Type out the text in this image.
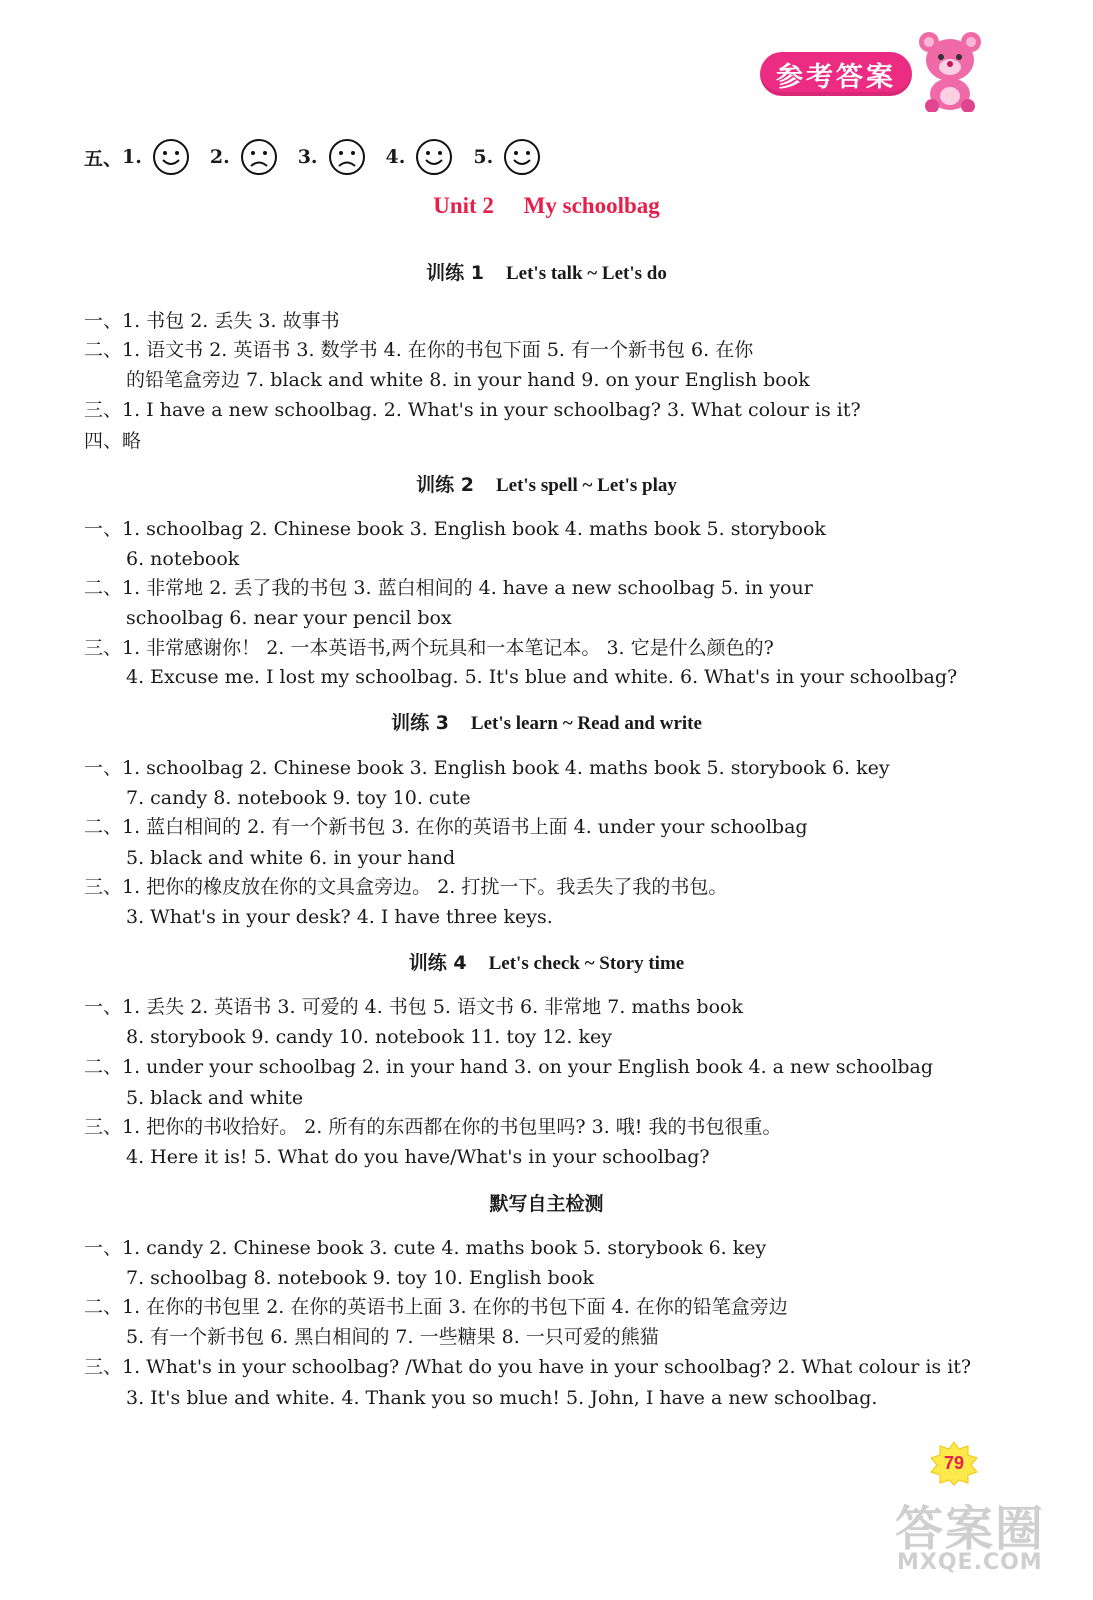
参考答案
五、 1.	2.	3.	4.	5.
Unit 2 My schoolbag
训练 1 Let's talk ~ Let's do
训练 2 Let's spell ~ Let's play
训练 3 Let's learn ~ Read and write
训练 4 Let's check ~ Story time
默写自主检测
一、1. 书包 2. 丢失 3. 故事书
二、1. 语文书 2. 英语书 3. 数学书 4. 在你的书包下面 5. 有一个新书包 6. 在你
的铅笔盒旁边 7. black and white 8. in your hand 9. on your English book
三、1. I have a new schoolbag. 2. What's in your schoolbag? 3. What colour is it?
四、略
一、1. schoolbag 2. Chinese book 3. English book 4. maths book 5. storybook
6. notebook
二、1. 非常地 2. 丢了我的书包 3. 蓝白相间的 4. have a new schoolbag 5. in your
schoolbag 6. near your pencil box
三、1. 非常感谢你！ 2. 一本英语书,两个玩具和一本笔记本。 3. 它是什么颜色的?
4. Excuse me. I lost my schoolbag. 5. It's blue and white. 6. What's in your schoolbag?
一、1. schoolbag 2. Chinese book 3. English book 4. maths book 5. storybook 6. key
7. candy 8. notebook 9. toy 10. cute
二、1. 蓝白相间的 2. 有一个新书包 3. 在你的英语书上面 4. under your schoolbag
5. black and white 6. in your hand
三、1. 把你的橡皮放在你的文具盒旁边。 2. 打扰一下。我丢失了我的书包。
3. What's in your desk? 4. I have three keys.
一、1. 丢失 2. 英语书 3. 可爱的 4. 书包 5. 语文书 6. 非常地 7. maths book
8. storybook 9. candy 10. notebook 11. toy 12. key
二、1. under your schoolbag 2. in your hand 3. on your English book 4. a new schoolbag
5. black and white
三、1. 把你的书收拾好。 2. 所有的东西都在你的书包里吗? 3. 哦! 我的书包很重。
4. Here it is! 5. What do you have/What's in your schoolbag?
一、1. candy 2. Chinese book 3. cute 4. maths book 5. storybook 6. key
7. schoolbag 8. notebook 9. toy 10. English book
二、1. 在你的书包里 2. 在你的英语书上面 3. 在你的书包下面 4. 在你的铅笔盒旁边
5. 有一个新书包 6. 黑白相间的 7. 一些糖果 8. 一只可爱的熊猫
三、1. What's in your schoolbag? /What do you have in your schoolbag? 2. What colour is it?
3. It's blue and white. 4. Thank you so much! 5. John, I have a new schoolbag.
79
答案圈
MXQE.COM
